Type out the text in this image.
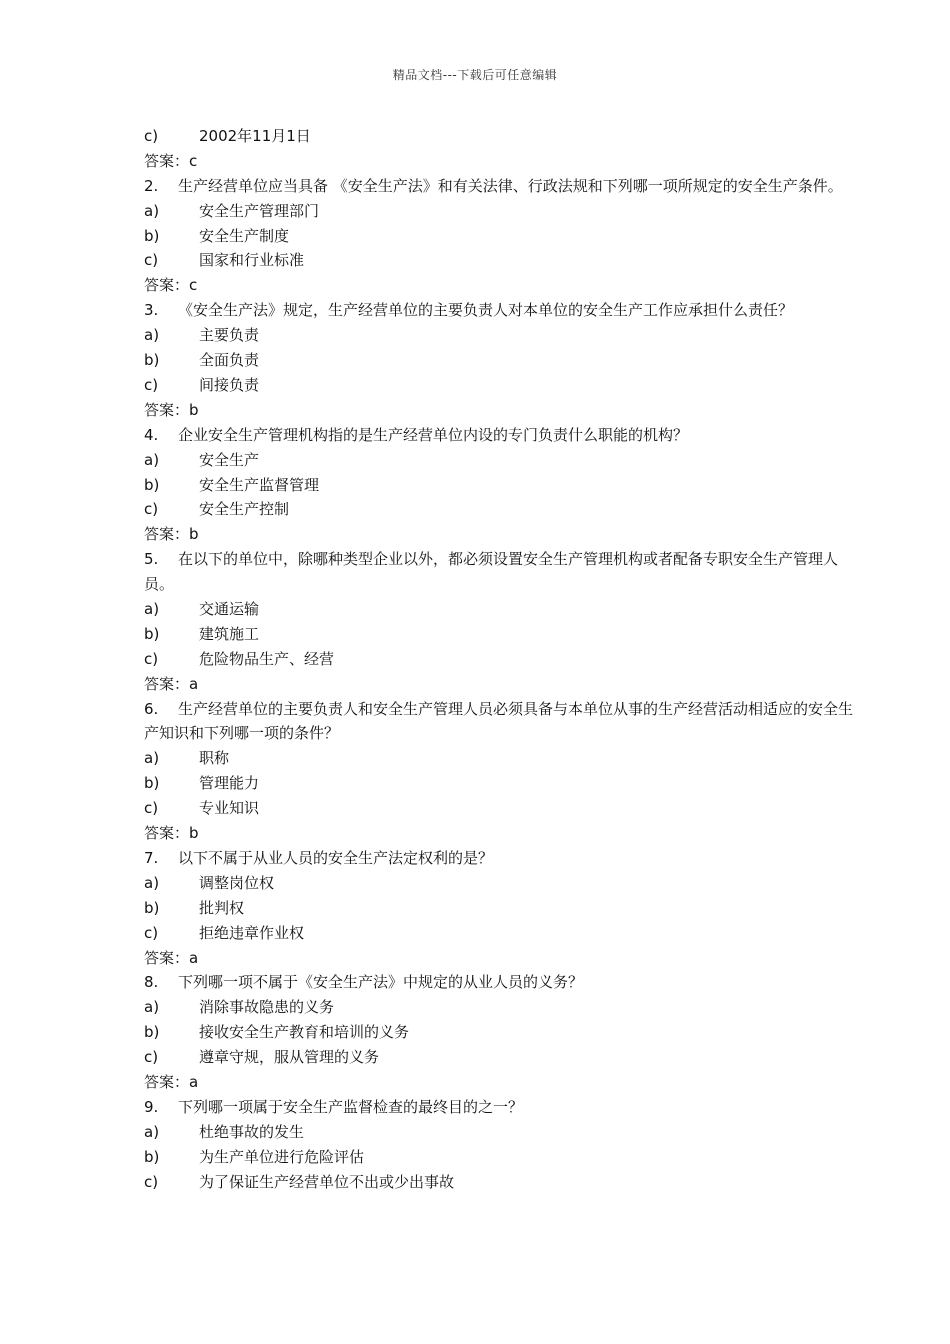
精品文档---下载后可任意编辑
c)	2002年11月1日
答案：c
2. 生产经营单位应当具备 《安全生产法》和有关法律、行政法规和下列哪一项所规定的安全生产条件。
a)	安全生产管理部门
b)	安全生产制度
c)	国家和行业标准
答案：c
3. 《安全生产法》规定，生产经营单位的主要负责人对本单位的安全生产工作应承担什么责任？
a)	主要负责
b)	全面负责
c)	间接负责
答案：b
4. 企业安全生产管理机构指的是生产经营单位内设的专门负责什么职能的机构？
a)	安全生产
b)	安全生产监督管理
c)	安全生产控制
答案：b
5. 在以下的单位中，除哪种类型企业以外，都必须设置安全生产管理机构或者配备专职安全生产管理人员。
a)	交通运输
b)	建筑施工
c)	危险物品生产、经营
答案：a
6. 生产经营单位的主要负责人和安全生产管理人员必须具备与本单位从事的生产经营活动相适应的安全生产知识和下列哪一项的条件？
a)	职称
b)	管理能力
c)	专业知识
答案：b
7. 以下不属于从业人员的安全生产法定权利的是？
a)	调整岗位权
b)	批判权
c)	拒绝违章作业权
答案：a
8. 下列哪一项不属于《安全生产法》中规定的从业人员的义务？
a)	消除事故隐患的义务
b)	接收安全生产教育和培训的义务
c)	遵章守规，服从管理的义务
答案：a
9. 下列哪一项属于安全生产监督检查的最终目的之一？
a)	杜绝事故的发生
b)	为生产单位进行危险评估
c)	为了保证生产经营单位不出或少出事故
